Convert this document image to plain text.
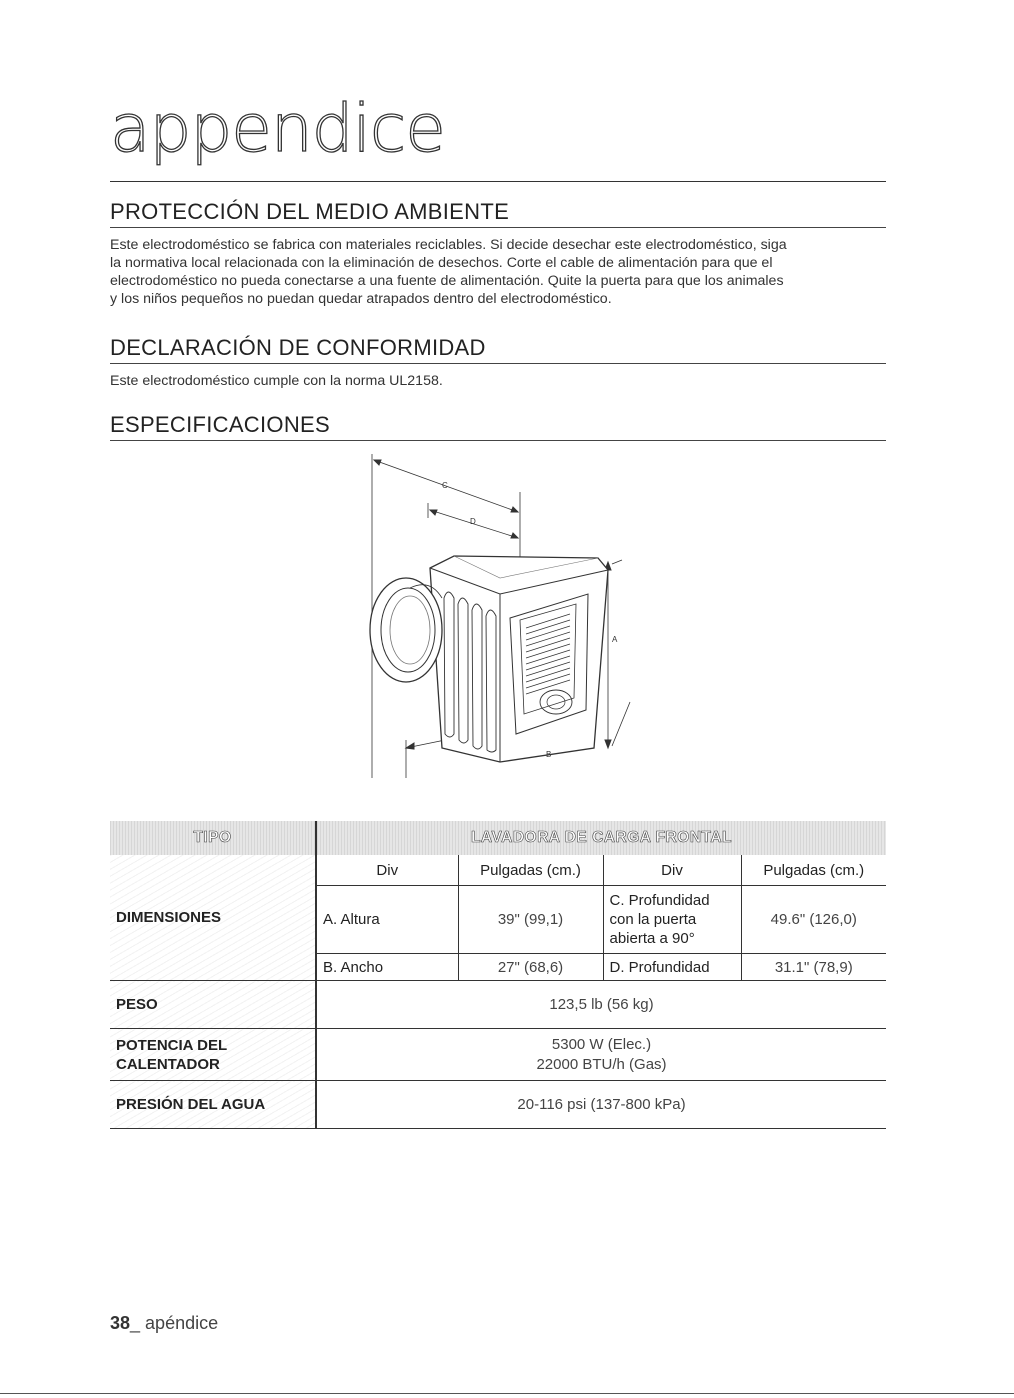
appendice
PROTECCIÓN DEL MEDIO AMBIENTE

Este electrodoméstico se fabrica con materiales reciclables. Si decide desechar este electrodoméstico, siga
la normativa local relacionada con la eliminación de desechos. Corte el cable de alimentación para que el
electrodoméstico no pueda conectarse a una fuente de alimentación. Quite la puerta para que los animales
y los niños pequeños no puedan quedar atrapados dentro del electrodoméstico.

DECLARACIÓN DE CONFORMIDAD

Este electrodoméstico cumple con la norma UL2158.

ESPECIFICACIONES
C
D
A
B
TIPO	LAVADORA DE CARGA FRONTAL			
DIMENSIONES	Div	Pulgadas (cm.)	Div	Pulgadas (cm.)
	A. Altura	39" (99,1)	C. Profundidad
con la puerta
abierta a 90°	49.6" (126,0)
	B. Ancho	27" (68,6)	D. Profundidad	31.1" (78,9)
PESO	123,5 lb (56 kg)			
POTENCIA DEL
CALENTADOR	5300 W (Elec.)
22000 BTU/h (Gas)			
PRESIÓN DEL AGUA	20-116 psi (137-800 kPa)			
38_ apéndice
